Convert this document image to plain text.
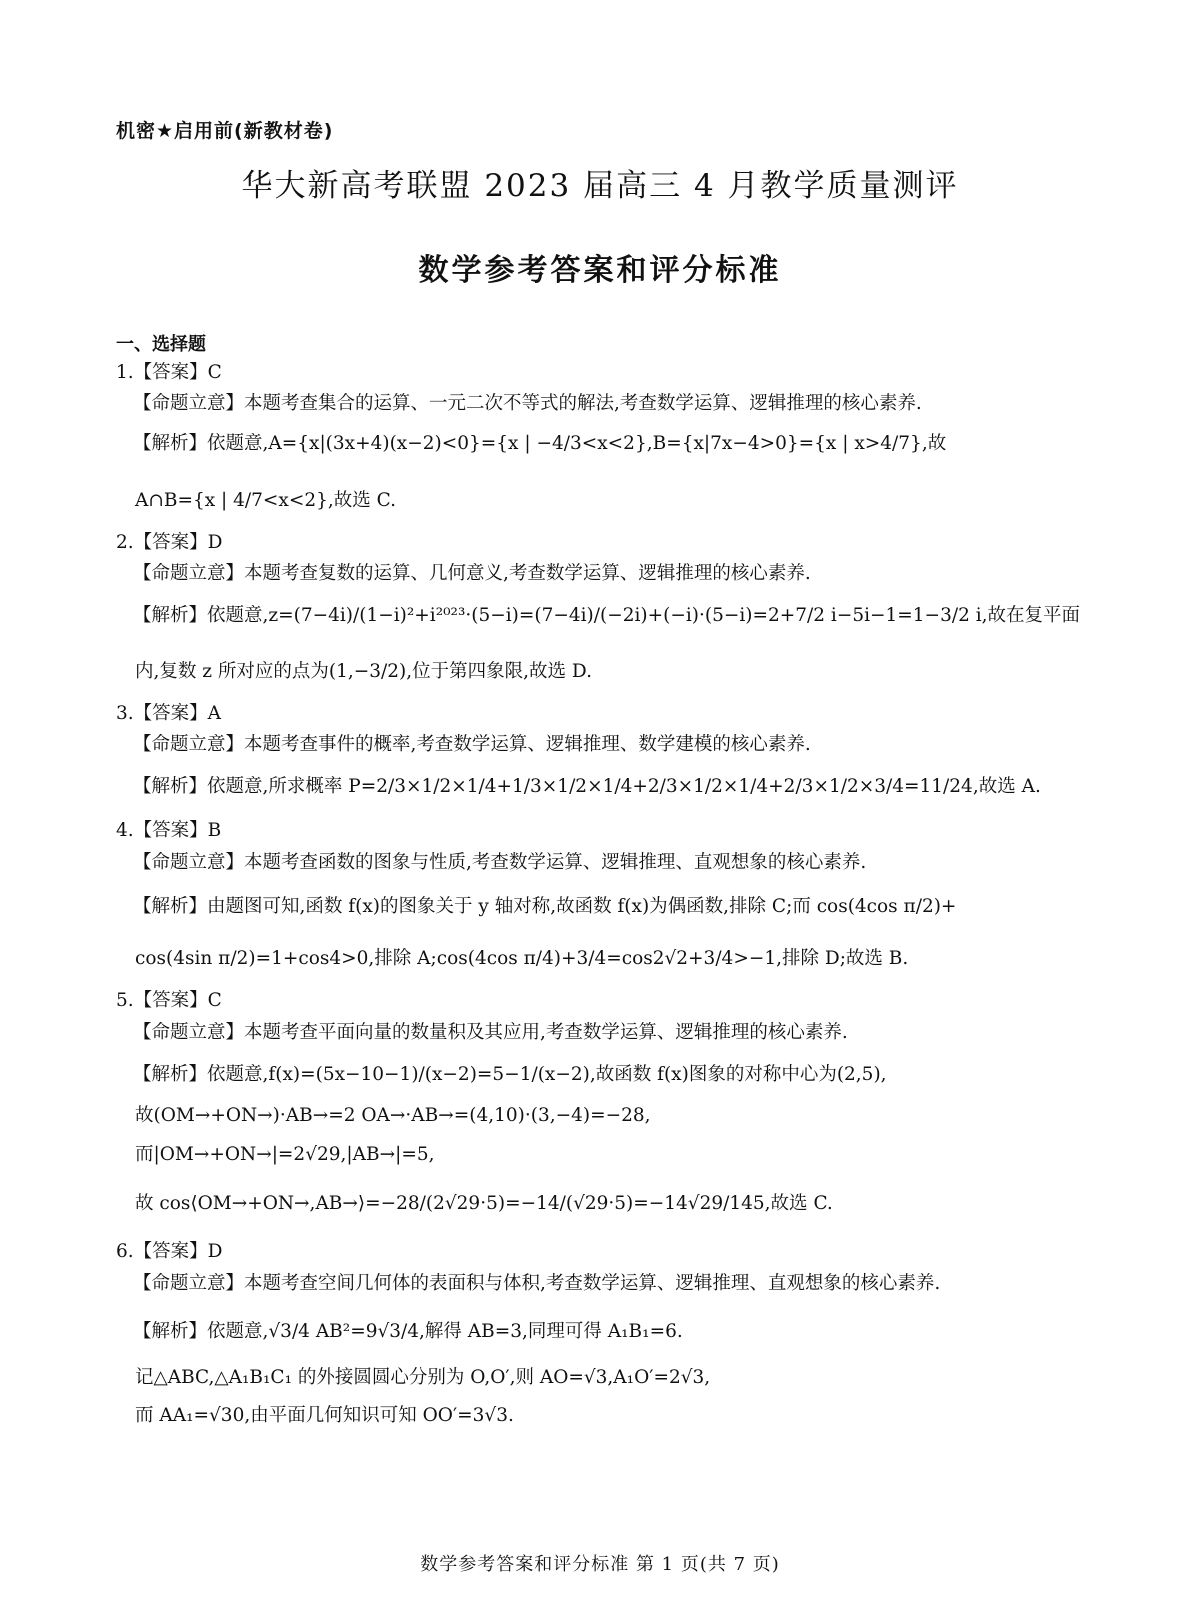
机密★启用前(新教材卷)
华大新高考联盟 2023 届高三 4 月教学质量测评
数学参考答案和评分标准
一、选择题
1.【答案】C
【命题立意】本题考查集合的运算、一元二次不等式的解法,考查数学运算、逻辑推理的核心素养.
【解析】依题意,A={x|(3x+4)(x−2)<0}={x | −4/3<x<2},B={x|7x−4>0}={x | x>4/7},故
A∩B={x | 4/7<x<2},故选 C.
2.【答案】D
【命题立意】本题考查复数的运算、几何意义,考查数学运算、逻辑推理的核心素养.
【解析】依题意,z=(7−4i)/(1−i)²+i²⁰²³·(5−i)=(7−4i)/(−2i)+(−i)·(5−i)=2+7/2 i−5i−1=1−3/2 i,故在复平面
内,复数 z 所对应的点为(1,−3/2),位于第四象限,故选 D.
3.【答案】A
【命题立意】本题考查事件的概率,考查数学运算、逻辑推理、数学建模的核心素养.
【解析】依题意,所求概率 P=2/3×1/2×1/4+1/3×1/2×1/4+2/3×1/2×1/4+2/3×1/2×3/4=11/24,故选 A.
4.【答案】B
【命题立意】本题考查函数的图象与性质,考查数学运算、逻辑推理、直观想象的核心素养.
【解析】由题图可知,函数 f(x)的图象关于 y 轴对称,故函数 f(x)为偶函数,排除 C;而 cos(4cos π/2)+
cos(4sin π/2)=1+cos4>0,排除 A;cos(4cos π/4)+3/4=cos2√2+3/4>−1,排除 D;故选 B.
5.【答案】C
【命题立意】本题考查平面向量的数量积及其应用,考查数学运算、逻辑推理的核心素养.
【解析】依题意,f(x)=(5x−10−1)/(x−2)=5−1/(x−2),故函数 f(x)图象的对称中心为(2,5),
故(OM→+ON→)·AB→=2 OA→·AB→=(4,10)·(3,−4)=−28,
而|OM→+ON→|=2√29,|AB→|=5,
故 cos⟨OM→+ON→,AB→⟩=−28/(2√29·5)=−14/(√29·5)=−14√29/145,故选 C.
6.【答案】D
【命题立意】本题考查空间几何体的表面积与体积,考查数学运算、逻辑推理、直观想象的核心素养.
【解析】依题意,√3/4 AB²=9√3/4,解得 AB=3,同理可得 A₁B₁=6.
记△ABC,△A₁B₁C₁ 的外接圆圆心分别为 O,O′,则 AO=√3,A₁O′=2√3,
而 AA₁=√30,由平面几何知识可知 OO′=3√3.
数学参考答案和评分标准 第 1 页(共 7 页)
